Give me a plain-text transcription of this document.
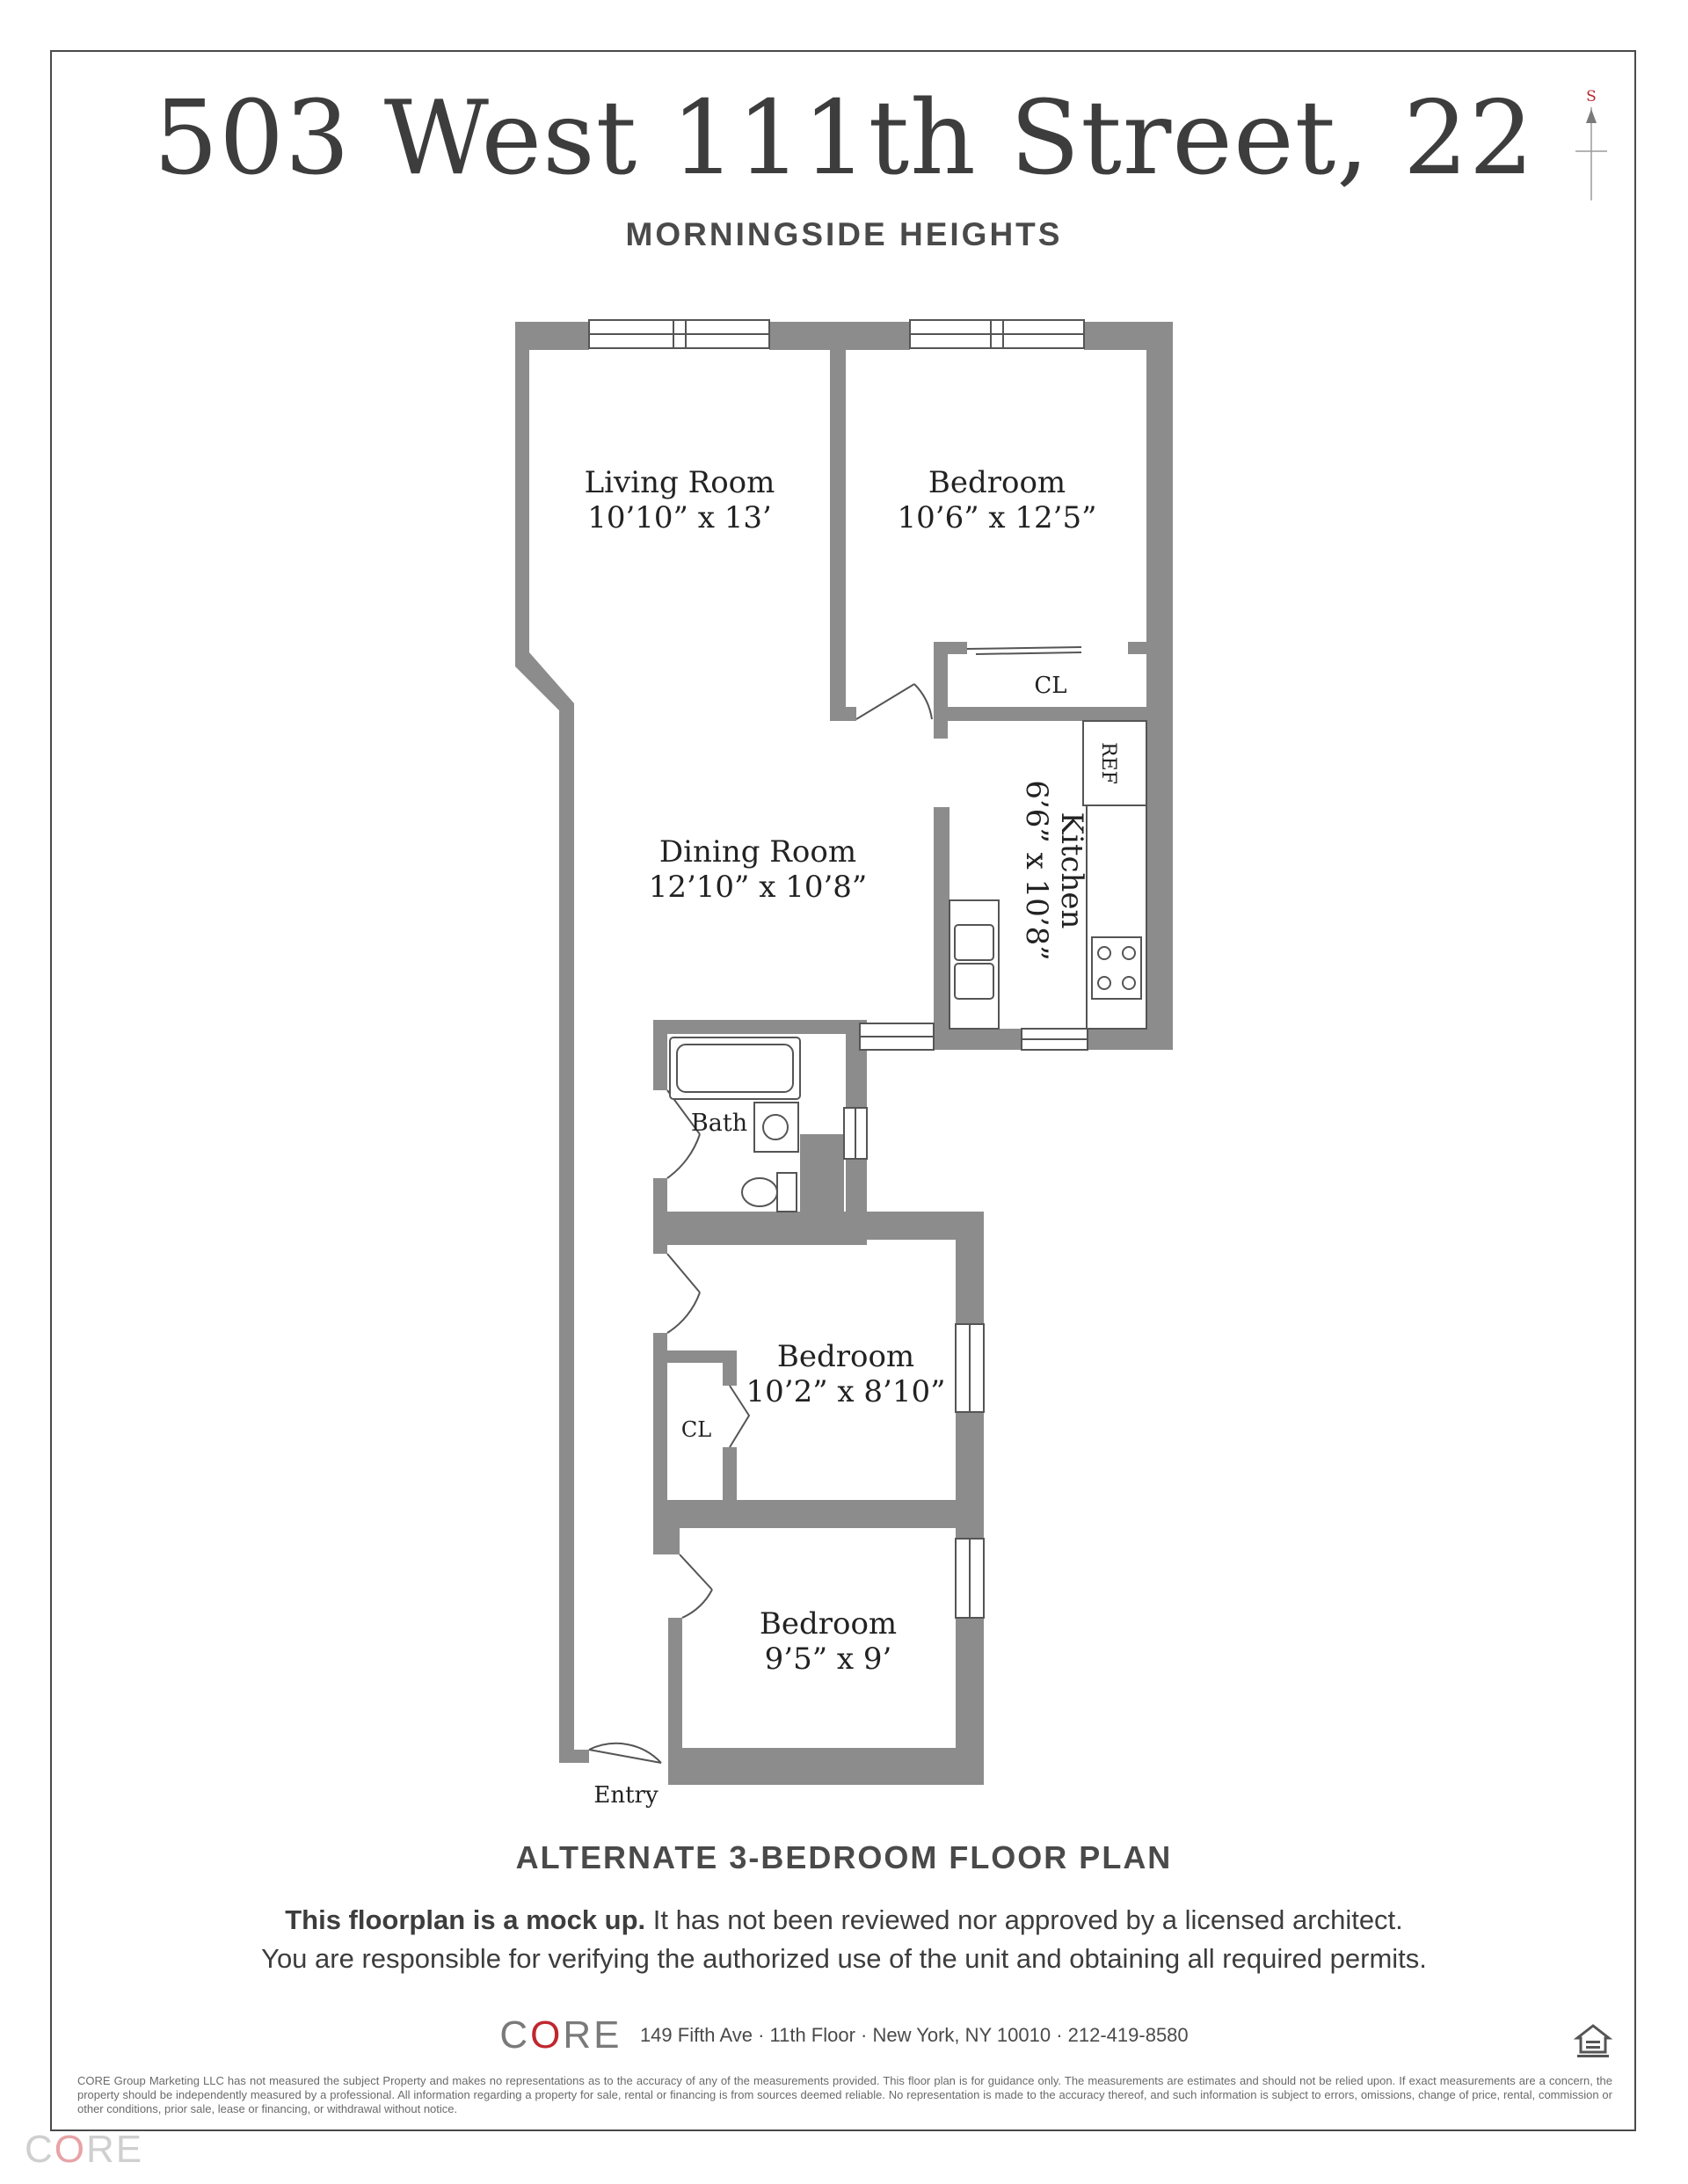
503 West 111th Street, 22
MORNINGSIDE HEIGHTS
S
Living Room
10’10” x 13’
Bedroom
10’6” x 12’5”
CL
Dining Room
12’10” x 10’8”	Kitchen
6’6” x 10’8”
REF
Bath
Bedroom
10’2” x 8’10”
CL
Bedroom
9’5” x 9’
Entry
ALTERNATE 3-BEDROOM FLOOR PLAN
This floorplan is a mock up. It has not been reviewed nor approved by a licensed architect.
You are responsible for verifying the authorized use of the unit and obtaining all required permits.
CORE 149 Fifth Ave · 11th Floor · New York, NY 10010 · 212-419-8580
CORE Group Marketing LLC has not measured the subject Property and makes no representations as to the accuracy of any of the measurements provided. This floor plan is for guidance only. The measurements are estimates and should not be relied upon. If exact measurements are a concern, the property should be independently measured by a professional. All information regarding a property for sale, rental or financing is from sources deemed reliable. No representation is made to the accuracy thereof, and such information is subject to errors, omissions, change of price, rental, commission or other conditions, prior sale, lease or financing, or withdrawal without notice.
CORE
